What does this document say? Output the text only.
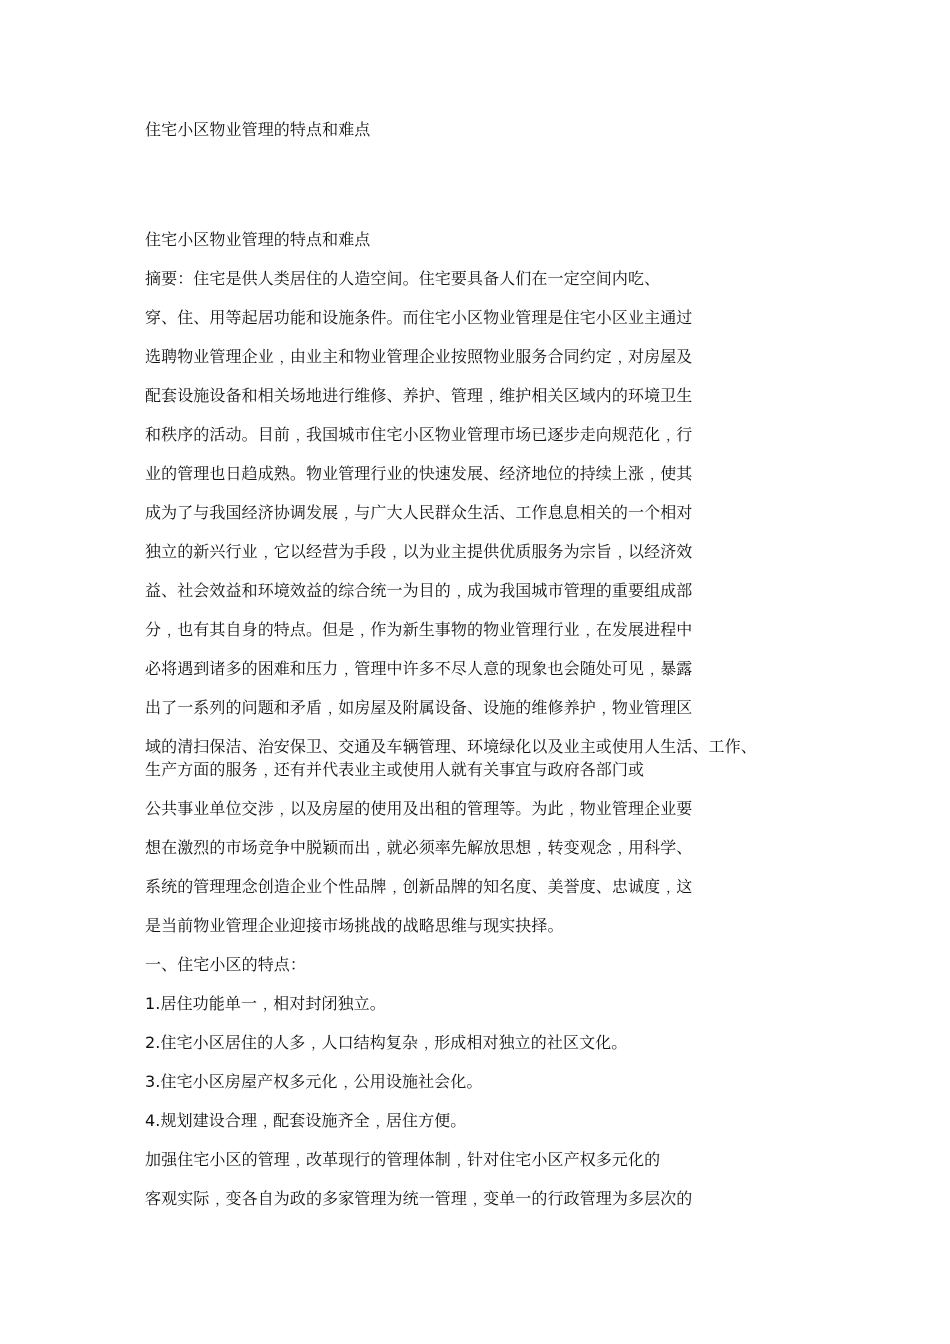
住宅小区物业管理的特点和难点
住宅小区物业管理的特点和难点
摘要：住宅是供人类居住的人造空间。住宅要具备人们在一定空间内吃、
穿、住、用等起居功能和设施条件。而住宅小区物业管理是住宅小区业主通过
选聘物业管理企业﹐由业主和物业管理企业按照物业服务合同约定﹐对房屋及
配套设施设备和相关场地进行维修、养护、管理﹐维护相关区域内的环境卫生
和秩序的活动。目前﹐我国城市住宅小区物业管理市场已逐步走向规范化﹐行
业的管理也日趋成熟。物业管理行业的快速发展、经济地位的持续上涨﹐使其
成为了与我国经济协调发展﹐与广大人民群众生活、工作息息相关的一个相对
独立的新兴行业﹐它以经营为手段﹐以为业主提供优质服务为宗旨﹐以经济效
益、社会效益和环境效益的综合统一为目的﹐成为我国城市管理的重要组成部
分﹐也有其自身的特点。但是﹐作为新生事物的物业管理行业﹐在发展进程中
必将遇到诸多的困难和压力﹐管理中许多不尽人意的现象也会随处可见﹐暴露
出了一系列的问题和矛盾﹐如房屋及附属设备、设施的维修养护﹐物业管理区
域的清扫保洁、治安保卫、交通及车辆管理、环境绿化以及业主或使用人生活、工作、
生产方面的服务﹐还有并代表业主或使用人就有关事宜与政府各部门或
公共事业单位交涉﹐以及房屋的使用及出租的管理等。为此﹐物业管理企业要
想在激烈的市场竞争中脱颖而出﹐就必须率先解放思想﹐转变观念﹐用科学、
系统的管理理念创造企业个性品牌﹐创新品牌的知名度、美誉度、忠诚度﹐这
是当前物业管理企业迎接市场挑战的战略思维与现实抉择。
一、住宅小区的特点：
1.居住功能单一﹐相对封闭独立。
2.住宅小区居住的人多﹐人口结构复杂﹐形成相对独立的社区文化。
3.住宅小区房屋产权多元化﹐公用设施社会化。
4.规划建设合理﹐配套设施齐全﹐居住方便。
加强住宅小区的管理﹐改革现行的管理体制﹐针对住宅小区产权多元化的
客观实际﹐变各自为政的多家管理为统一管理﹐变单一的行政管理为多层次的
